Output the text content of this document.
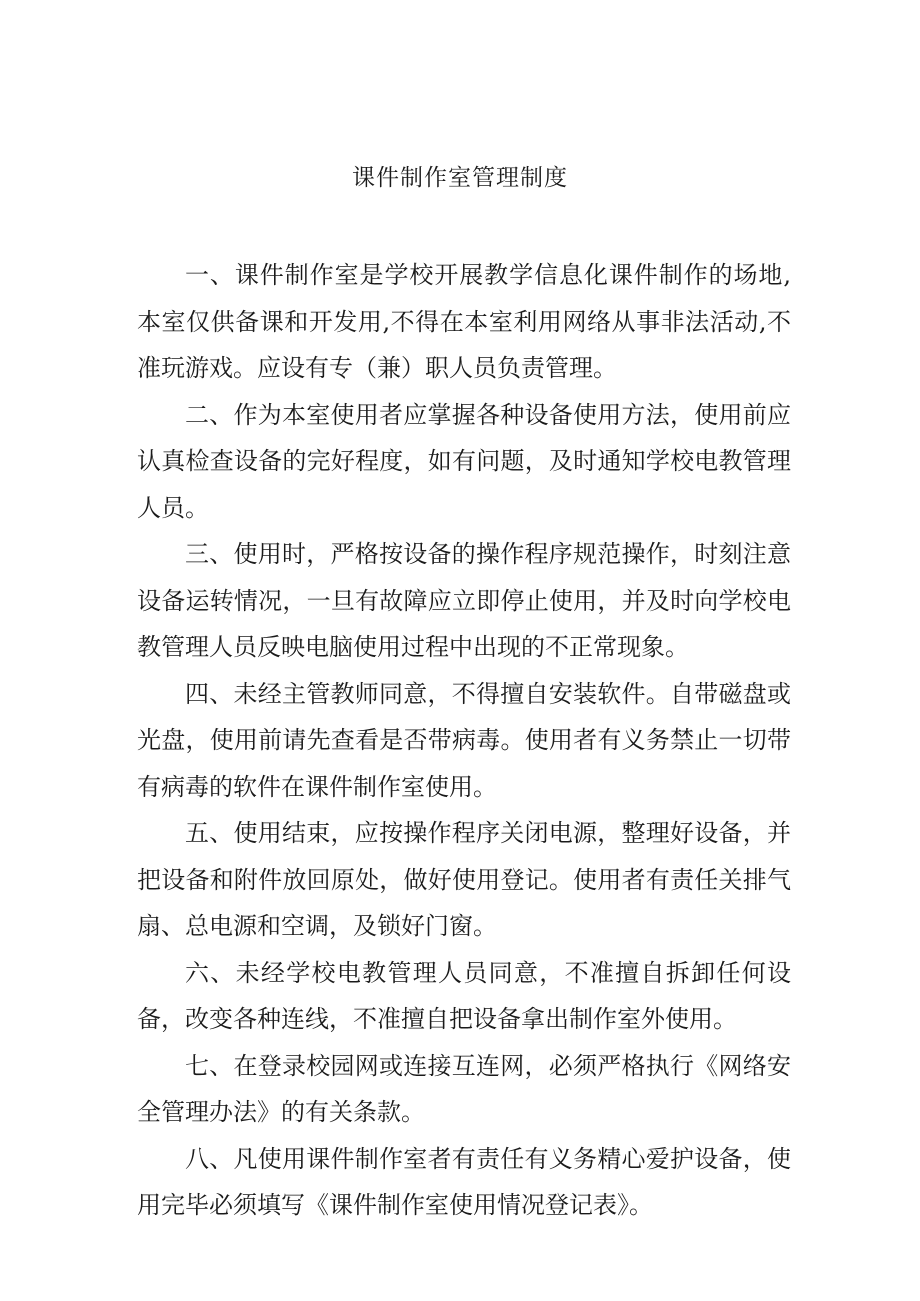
课件制作室管理制度

一、课件制作室是学校开展教学信息化课件制作的场地,本室仅供备课和开发用,不得在本室利用网络从事非法活动,不准玩游戏。应设有专（兼）职人员负责管理。

二、作为本室使用者应掌握各种设备使用方法，使用前应认真检查设备的完好程度，如有问题，及时通知学校电教管理人员。

三、使用时，严格按设备的操作程序规范操作，时刻注意设备运转情况，一旦有故障应立即停止使用，并及时向学校电教管理人员反映电脑使用过程中出现的不正常现象。

四、未经主管教师同意，不得擅自安装软件。自带磁盘或光盘，使用前请先查看是否带病毒。使用者有义务禁止一切带有病毒的软件在课件制作室使用。

五、使用结束，应按操作程序关闭电源，整理好设备，并把设备和附件放回原处，做好使用登记。使用者有责任关排气扇、总电源和空调，及锁好门窗。

六、未经学校电教管理人员同意，不准擅自拆卸任何设备，改变各种连线，不准擅自把设备拿出制作室外使用。

七、在登录校园网或连接互连网，必须严格执行《网络安全管理办法》的有关条款。

八、凡使用课件制作室者有责任有义务精心爱护设备，使用完毕必须填写《课件制作室使用情况登记表》。
